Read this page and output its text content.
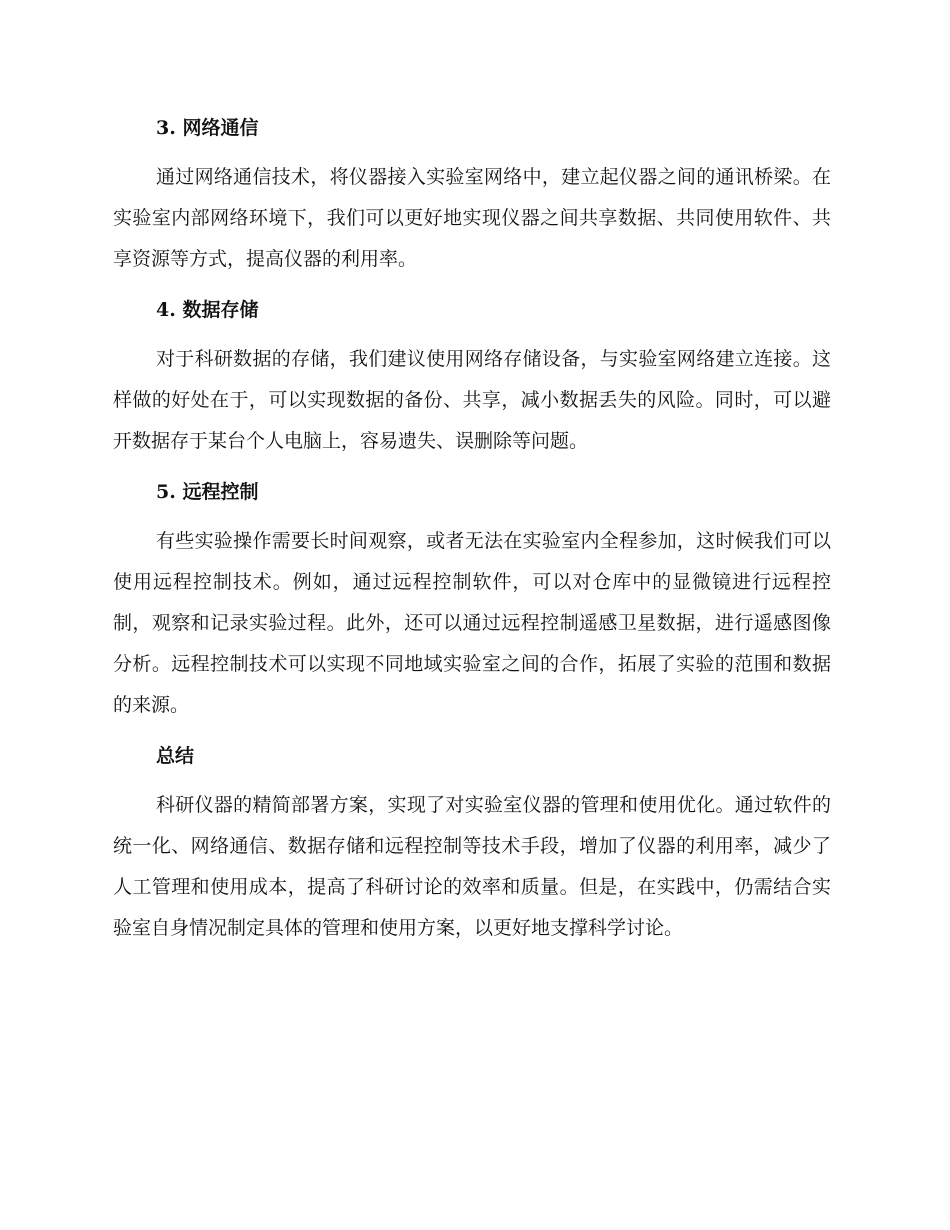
3. 网络通信

通过网络通信技术，将仪器接入实验室网络中，建立起仪器之间的通讯桥梁。在实验室内部网络环境下，我们可以更好地实现仪器之间共享数据、共同使用软件、共享资源等方式，提高仪器的利用率。

4. 数据存储

对于科研数据的存储，我们建议使用网络存储设备，与实验室网络建立连接。这样做的好处在于，可以实现数据的备份、共享，减小数据丢失的风险。同时，可以避开数据存于某台个人电脑上，容易遗失、误删除等问题。

5. 远程控制

有些实验操作需要长时间观察，或者无法在实验室内全程参加，这时候我们可以使用远程控制技术。例如，通过远程控制软件，可以对仓库中的显微镜进行远程控制，观察和记录实验过程。此外，还可以通过远程控制遥感卫星数据，进行遥感图像分析。远程控制技术可以实现不同地域实验室之间的合作，拓展了实验的范围和数据的来源。

总结

科研仪器的精简部署方案，实现了对实验室仪器的管理和使用优化。通过软件的统一化、网络通信、数据存储和远程控制等技术手段，增加了仪器的利用率，减少了人工管理和使用成本，提高了科研讨论的效率和质量。但是，在实践中，仍需结合实验室自身情况制定具体的管理和使用方案，以更好地支撑科学讨论。
